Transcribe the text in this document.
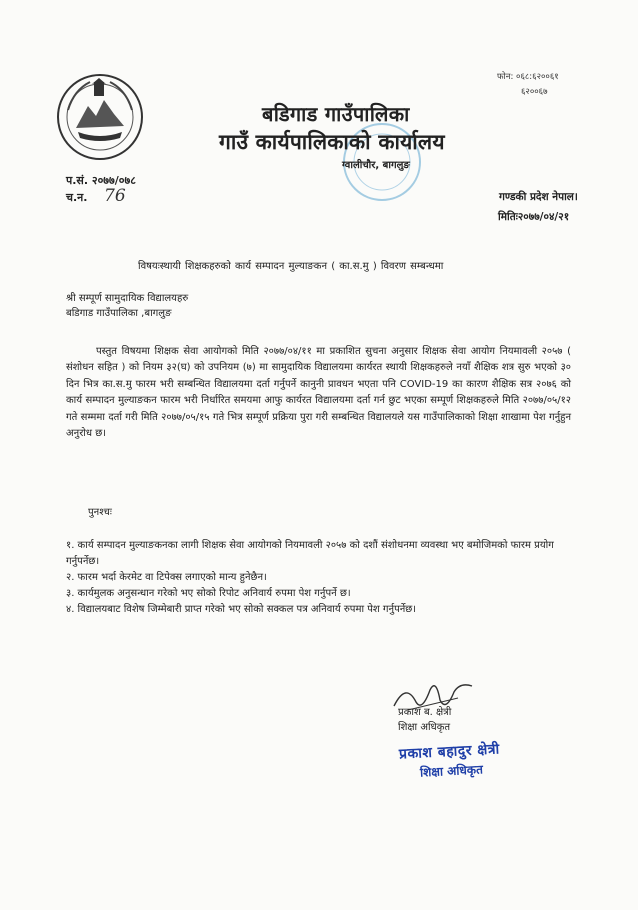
फोन: ०६८:६२००६१
६२००६७
बडिगाड गाउँपालिका
गाउँ कार्यपालिकाको कार्यालय
ग्वालीचौर, बागलुङ
प.सं. २०७७/०७८
च.न. 76	गण्डकी प्रदेश नेपाल।
मितिः२०७७/०४/२१
विषयःस्थायी शिक्षकहरुको कार्य सम्पादन मुल्याङकन ( का.स.मु ) विवरण सम्बन्धमा
श्री सम्पूर्ण सामुदायिक विद्यालयहरु
बडिगाड गाउँपालिका ,बागलुङ
पस्तुत विषयमा शिक्षक सेवा आयोगको मिति २०७७/०४/११ मा प्रकाशित सुचना अनुसार शिक्षक सेवा आयोग नियमावली २०५७ ( संशोधन सहित ) को नियम ३२(घ) को उपनियम (७) मा सामुदायिक विद्यालयमा कार्यरत स्थायी शिक्षकहरुले नयाँ शैक्षिक शत्र सुरु भएको ३० दिन भित्र का.स.मु फारम भरी सम्बन्धित विद्यालयमा दर्ता गर्नुपर्ने कानुनी प्रावधन भएता पनि COVID-19 का कारण शैक्षिक सत्र २०७६ को कार्य सम्पादन मुल्याङकन फारम भरी निर्धारित समयमा आफु कार्यरत विद्यालयमा दर्ता गर्न छुट भएका सम्पूर्ण शिक्षकहरुले मिति २०७७/०५/१२ गते सम्ममा दर्ता गरी मिति २०७७/०५/१५ गते भित्र सम्पूर्ण प्रक्रिया पुरा गरी सम्बन्धित विद्यालयले यस गाउँपालिकाको शिक्षा शाखामा पेश गर्नुहुन अनुरोध छ।
पुनश्चः
१. कार्य सम्पादन मुल्याङकनका लागी शिक्षक सेवा आयोगको नियमावली २०५७ को दशौं संशोधनमा व्यवस्था भए बमोजिमको फारम प्रयोग गर्नुपर्नेछ।
२. फारम भर्दा केरमेट वा टिपेक्स लगाएको मान्य हुनेछैन।
३. कार्यमुलक अनुसन्धान गरेको भए सोको रिपोट अनिवार्य रुपमा पेश गर्नुपर्ने छ।
४. विद्यालयबाट विशेष जिम्मेबारी प्राप्त गरेको भए सोको सक्कल पत्र अनिवार्य रुपमा पेश गर्नुपर्नेछ।
प्रकाश ब. क्षेत्री
शिक्षा अधिकृत
प्रकाश बहादुर क्षेत्री
शिक्षा अधिकृत
